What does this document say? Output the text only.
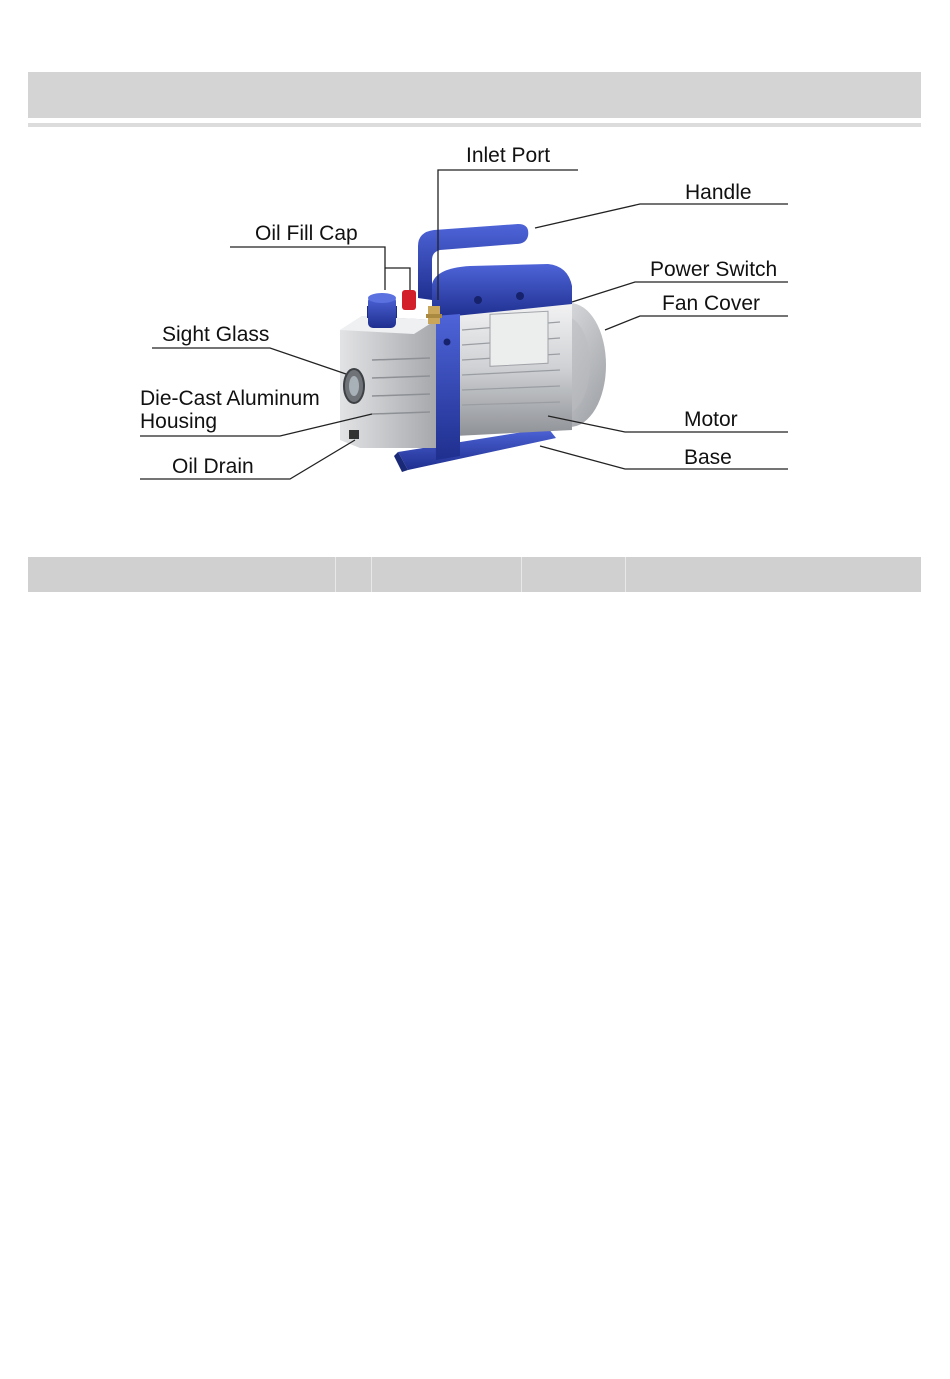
Inlet Port
Handle
Oil Fill Cap
Power Switch
Fan Cover
Sight Glass
Die-Cast Aluminum
Housing	Motor
Oil Drain	Base
